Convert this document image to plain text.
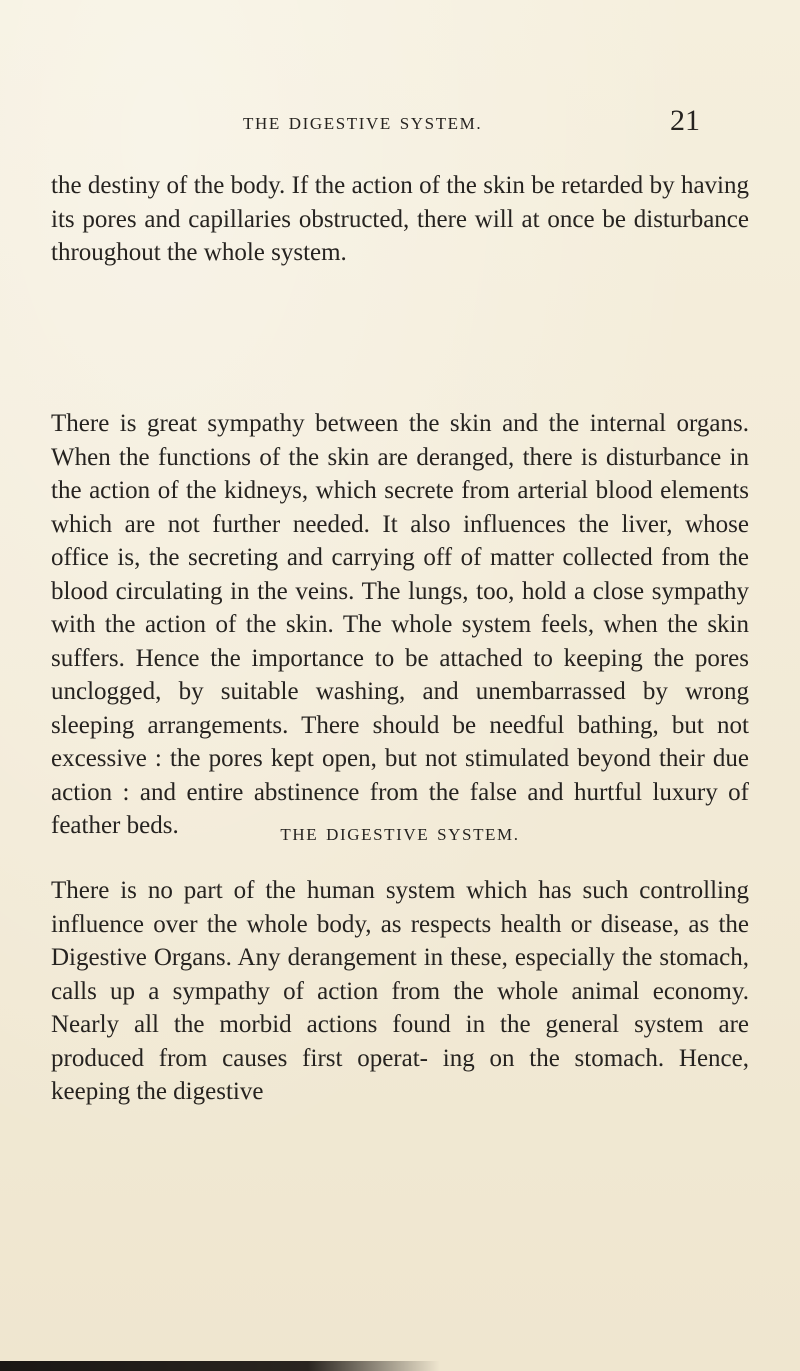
THE DIGESTIVE SYSTEM.	21

the destiny of the body. If the action of the skin be retarded by having its pores and capillaries obstructed, there will at once be disturbance throughout the whole system.

There is great sympathy between the skin and the internal organs. When the functions of the skin are deranged, there is disturbance in the action of the kidneys, which secrete from arterial blood elements which are not further needed. It also influences the liver, whose office is, the secreting and carrying off of matter collected from the blood circulating in the veins. The lungs, too, hold a close sympathy with the action of the skin. The whole system feels, when the skin suffers. Hence the importance to be attached to keeping the pores unclogged, by suitable washing, and unembarrassed by wrong sleeping arrangements. There should be needful bathing, but not excessive : the pores kept open, but not stimulated beyond their due action : and entire abstinence from the false and hurtful luxury of feather beds.	THE DIGESTIVE SYSTEM.

There is no part of the human system which has such controlling influence over the whole body, as respects health or disease, as the Digestive Organs. Any derangement in these, especially the stomach, calls up a sympathy of action from the whole animal economy. Nearly all the morbid actions found in the general system are produced from causes first operat- ing on the stomach. Hence, keeping the digestive
